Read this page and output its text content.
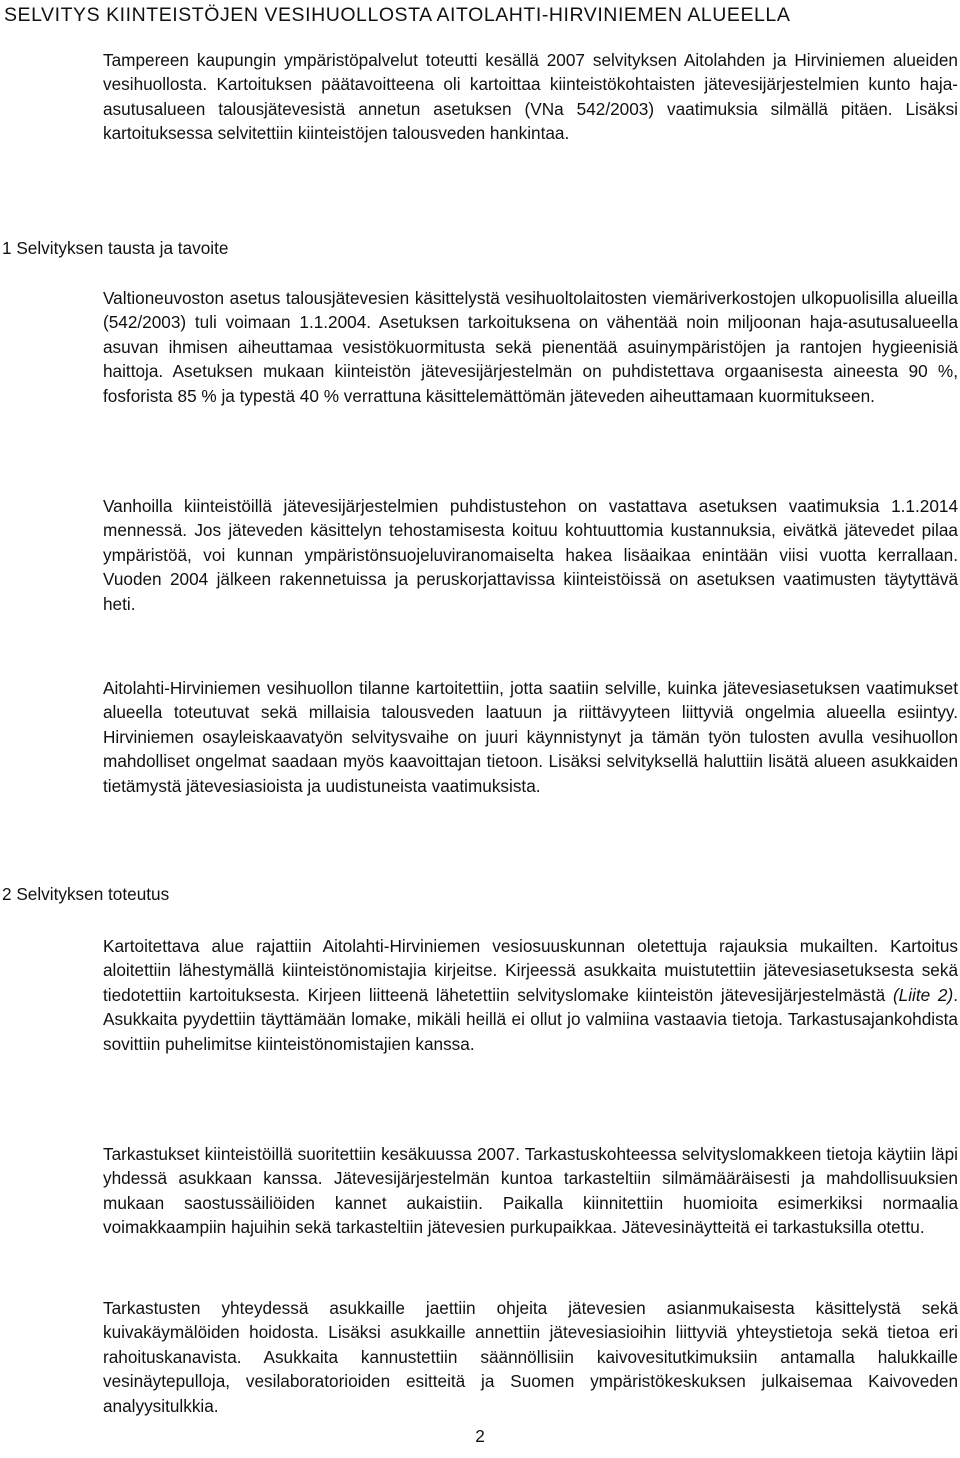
SELVITYS KIINTEISTÖJEN VESIHUOLLOSTA AITOLAHTI-HIRVINIEMEN ALUEELLA

Tampereen kaupungin ympäristöpalvelut toteutti kesällä 2007 selvityksen Aitolahden ja Hirviniemen alueiden vesihuollosta. Kartoituksen päätavoitteena oli kartoittaa kiinteistökohtaisten jätevesijärjestelmien kunto haja-asutusalueen talousjätevesistä annetun asetuksen (VNa 542/2003) vaatimuksia silmällä pitäen. Lisäksi kartoituksessa selvitettiin kiinteistöjen talousveden hankintaa.

1 Selvityksen tausta ja tavoite

Valtioneuvoston asetus talousjätevesien käsittelystä vesihuoltolaitosten viemäriverkostojen ulkopuolisilla alueilla (542/2003) tuli voimaan 1.1.2004. Asetuksen tarkoituksena on vähentää noin miljoonan haja-asutusalueella asuvan ihmisen aiheuttamaa vesistökuormitusta sekä pienentää asuinympäristöjen ja rantojen hygieenisiä haittoja. Asetuksen mukaan kiinteistön jätevesijärjestelmän on puhdistettava orgaanisesta aineesta 90 %, fosforista 85 % ja typestä 40 % verrattuna käsittelemättömän jäteveden aiheuttamaan kuormitukseen.

Vanhoilla kiinteistöillä jätevesijärjestelmien puhdistustehon on vastattava asetuksen vaatimuksia 1.1.2014 mennessä. Jos jäteveden käsittelyn tehostamisesta koituu kohtuuttomia kustannuksia, eivätkä jätevedet pilaa ympäristöä, voi kunnan ympäristönsuojeluviranomaiselta hakea lisäaikaa enintään viisi vuotta kerrallaan. Vuoden 2004 jälkeen rakennetuissa ja peruskorjattavissa kiinteistöissä on asetuksen vaatimusten täytyttävä heti.

Aitolahti-Hirviniemen vesihuollon tilanne kartoitettiin, jotta saatiin selville, kuinka jätevesiasetuksen vaatimukset alueella toteutuvat sekä millaisia talousveden laatuun ja riittävyyteen liittyviä ongelmia alueella esiintyy. Hirviniemen osayleiskaavatyön selvitysvaihe on juuri käynnistynyt ja tämän työn tulosten avulla vesihuollon mahdolliset ongelmat saadaan myös kaavoittajan tietoon. Lisäksi selvityksellä haluttiin lisätä alueen asukkaiden tietämystä jätevesiasioista ja uudistuneista vaatimuksista.

2 Selvityksen toteutus

Kartoitettava alue rajattiin Aitolahti-Hirviniemen vesiosuuskunnan oletettuja rajauksia mukailten. Kartoitus aloitettiin lähestymällä kiinteistönomistajia kirjeitse. Kirjeessä asukkaita muistutettiin jätevesiasetuksesta sekä tiedotettiin kartoituksesta. Kirjeen liitteenä lähetettiin selvityslomake kiinteistön jätevesijärjestelmästä (Liite 2). Asukkaita pyydettiin täyttämään lomake, mikäli heillä ei ollut jo valmiina vastaavia tietoja. Tarkastusajankohdista sovittiin puhelimitse kiinteistönomistajien kanssa.

Tarkastukset kiinteistöillä suoritettiin kesäkuussa 2007. Tarkastuskohteessa selvityslomakkeen tietoja käytiin läpi yhdessä asukkaan kanssa. Jätevesijärjestelmän kuntoa tarkasteltiin silmämääräisesti ja mahdollisuuksien mukaan saostussäiliöiden kannet aukaistiin. Paikalla kiinnitettiin huomioita esimerkiksi normaalia voimakkaampiin hajuihin sekä tarkasteltiin jätevesien purkupaikkaa. Jätevesinäytteitä ei tarkastuksilla otettu.

Tarkastusten yhteydessä asukkaille jaettiin ohjeita jätevesien asianmukaisesta käsittelystä sekä kuivakäymälöiden hoidosta. Lisäksi asukkaille annettiin jätevesiasioihin liittyviä yhteystietoja sekä tietoa eri rahoituskanavista. Asukkaita kannustettiin säännöllisiin kaivovesitutkimuksiin antamalla halukkaille vesinäytepulloja, vesilaboratorioiden esitteitä ja Suomen ympäristökeskuksen julkaisemaa Kaivoveden analyysitulkkia.

2
